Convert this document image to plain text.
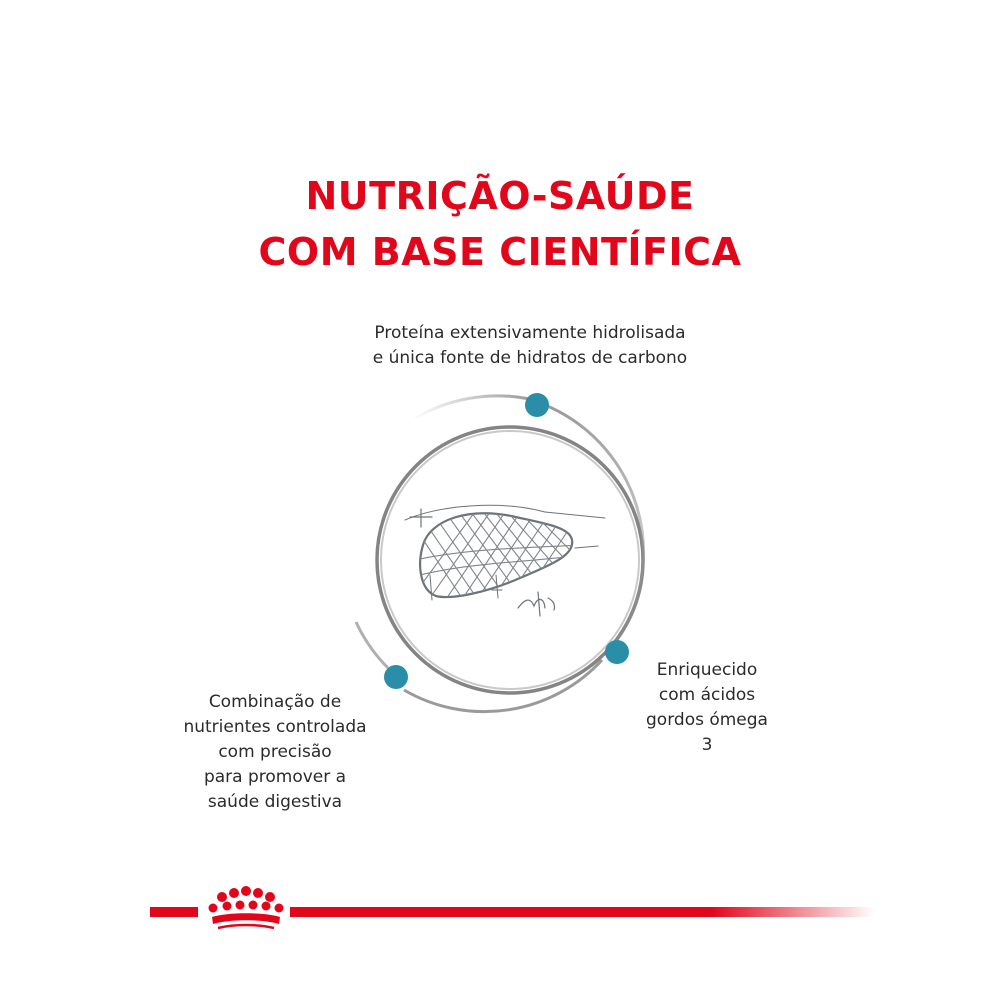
NUTRIÇÃO-SAÚDE
COM BASE CIENTÍFICA

Proteína extensivamente hidrolisada
e única fonte de hidratos de carbono

Enriquecido
com ácidos
gordos ómega
3

Combinação de
nutrientes controlada
com precisão
para promover a
saúde digestiva
